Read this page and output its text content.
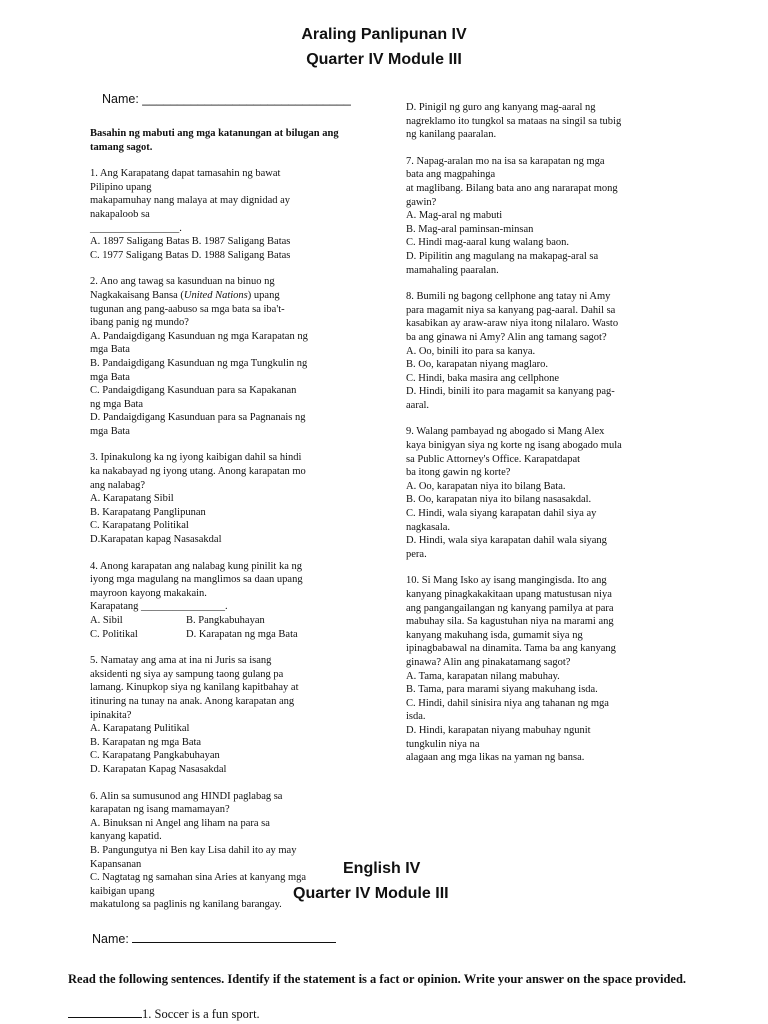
Araling Panlipunan IV
Quarter IV Module III
Name: ______________________________

Basahin ng mabuti ang mga katanungan at bilugan ang tamang sagot.

1. Ang Karapatang dapat tamasahin ng bawat

Pilipino upang

makapamuhay nang malaya at may dignidad ay

nakapaloob sa

_________________.

A. 1897 Saligang Batas B. 1987 Saligang Batas

C. 1977 Saligang Batas D. 1988 Saligang Batas

2. Ano ang tawag sa kasunduan na binuo ng

Nagkakaisang Bansa (United Nations) upang

tugunan ang pang-aabuso sa mga bata sa iba't-

ibang panig ng mundo?

A. Pandaigdigang Kasunduan ng mga Karapatan ng

mga Bata

B. Pandaigdigang Kasunduan ng mga Tungkulin ng

mga Bata

C. Pandaigdigang Kasunduan para sa Kapakanan

ng mga Bata

D. Pandaigdigang Kasunduan para sa Pagnanais ng

mga Bata

3. Ipinakulong ka ng iyong kaibigan dahil sa hindi

ka nakabayad ng iyong utang. Anong karapatan mo

ang nalabag?

A. Karapatang Sibil

B. Karapatang Panglipunan

C. Karapatang Politikal

D.Karapatan kapag Nasasakdal

4. Anong karapatan ang nalabag kung pinilit ka ng

iyong mga magulang na manglimos sa daan upang

mayroon kayong makakain.

Karapatang ________________.

A. Sibil	B. Pangkabuhayan
C. Politikal	D. Karapatan ng mga Bata

5. Namatay ang ama at ina ni Juris sa isang

aksidenti ng siya ay sampung taong gulang pa

lamang. Kinupkop siya ng kanilang kapitbahay at

itinuring na tunay na anak. Anong karapatan ang

ipinakita?

A. Karapatang Pulitikal

B. Karapatan ng mga Bata

C. Karapatang Pangkabuhayan

D. Karapatan Kapag Nasasakdal

6. Alin sa sumusunod ang HINDI paglabag sa

karapatan ng isang mamamayan?

A. Binuksan ni Angel ang liham na para sa

kanyang kapatid.

B. Pangungutya ni Ben kay Lisa dahil ito ay may

Kapansanan

C. Nagtatag ng samahan sina Aries at kanyang mga

kaibigan upang

makatulong sa paglinis ng kanilang barangay.

D. Pinigil ng guro ang kanyang mag-aaral ng

nagreklamo ito tungkol sa mataas na singil sa tubig

ng kanilang paaralan.

7. Napag-aralan mo na isa sa karapatan ng mga

bata ang magpahinga

at maglibang. Bilang bata ano ang nararapat mong

gawin?

A. Mag-aral ng mabuti

B. Mag-aral paminsan-minsan

C. Hindi mag-aaral kung walang baon.

D. Pipilitin ang magulang na makapag-aral sa

mamahaling paaralan.

8. Bumili ng bagong cellphone ang tatay ni Amy

para magamit niya sa kanyang pag-aaral. Dahil sa

kasabikan ay araw-araw niya itong nilalaro. Wasto

ba ang ginawa ni Amy? Alin ang tamang sagot?

A. Oo, binili ito para sa kanya.

B. Oo, karapatan niyang maglaro.

C. Hindi, baka masira ang cellphone

D. Hindi, binili ito para magamit sa kanyang pag-

aaral.

9. Walang pambayad ng abogado si Mang Alex

kaya binigyan siya ng korte ng isang abogado mula

sa Public Attorney's Office. Karapatdapat

ba itong gawin ng korte?

A. Oo, karapatan niya ito bilang Bata.

B. Oo, karapatan niya ito bilang nasasakdal.

C. Hindi, wala siyang karapatan dahil siya ay

nagkasala.

D. Hindi, wala siya karapatan dahil wala siyang

pera.

10. Si Mang Isko ay isang mangingisda. Ito ang

kanyang pinagkakakitaan upang matustusan niya

ang pangangailangan ng kanyang pamilya at para

mabuhay sila. Sa kagustuhan niya na marami ang

kanyang makuhang isda, gumamit siya ng

ipinagbabawal na dinamita. Tama ba ang kanyang

ginawa? Alin ang pinakatamang sagot?

A. Tama, karapatan nilang mabuhay.

B. Tama, para marami siyang makuhang isda.

C. Hindi, dahil sinisira niya ang tahanan ng mga

isda.

D. Hindi, karapatan niyang mabuhay ngunit

tungkulin niya na

alagaan ang mga likas na yaman ng bansa.

English IV
Quarter IV Module III
Name:
Read the following sentences. Identify if the statement is a fact or opinion. Write your answer on the space provided.
1. Soccer is a fun sport.
